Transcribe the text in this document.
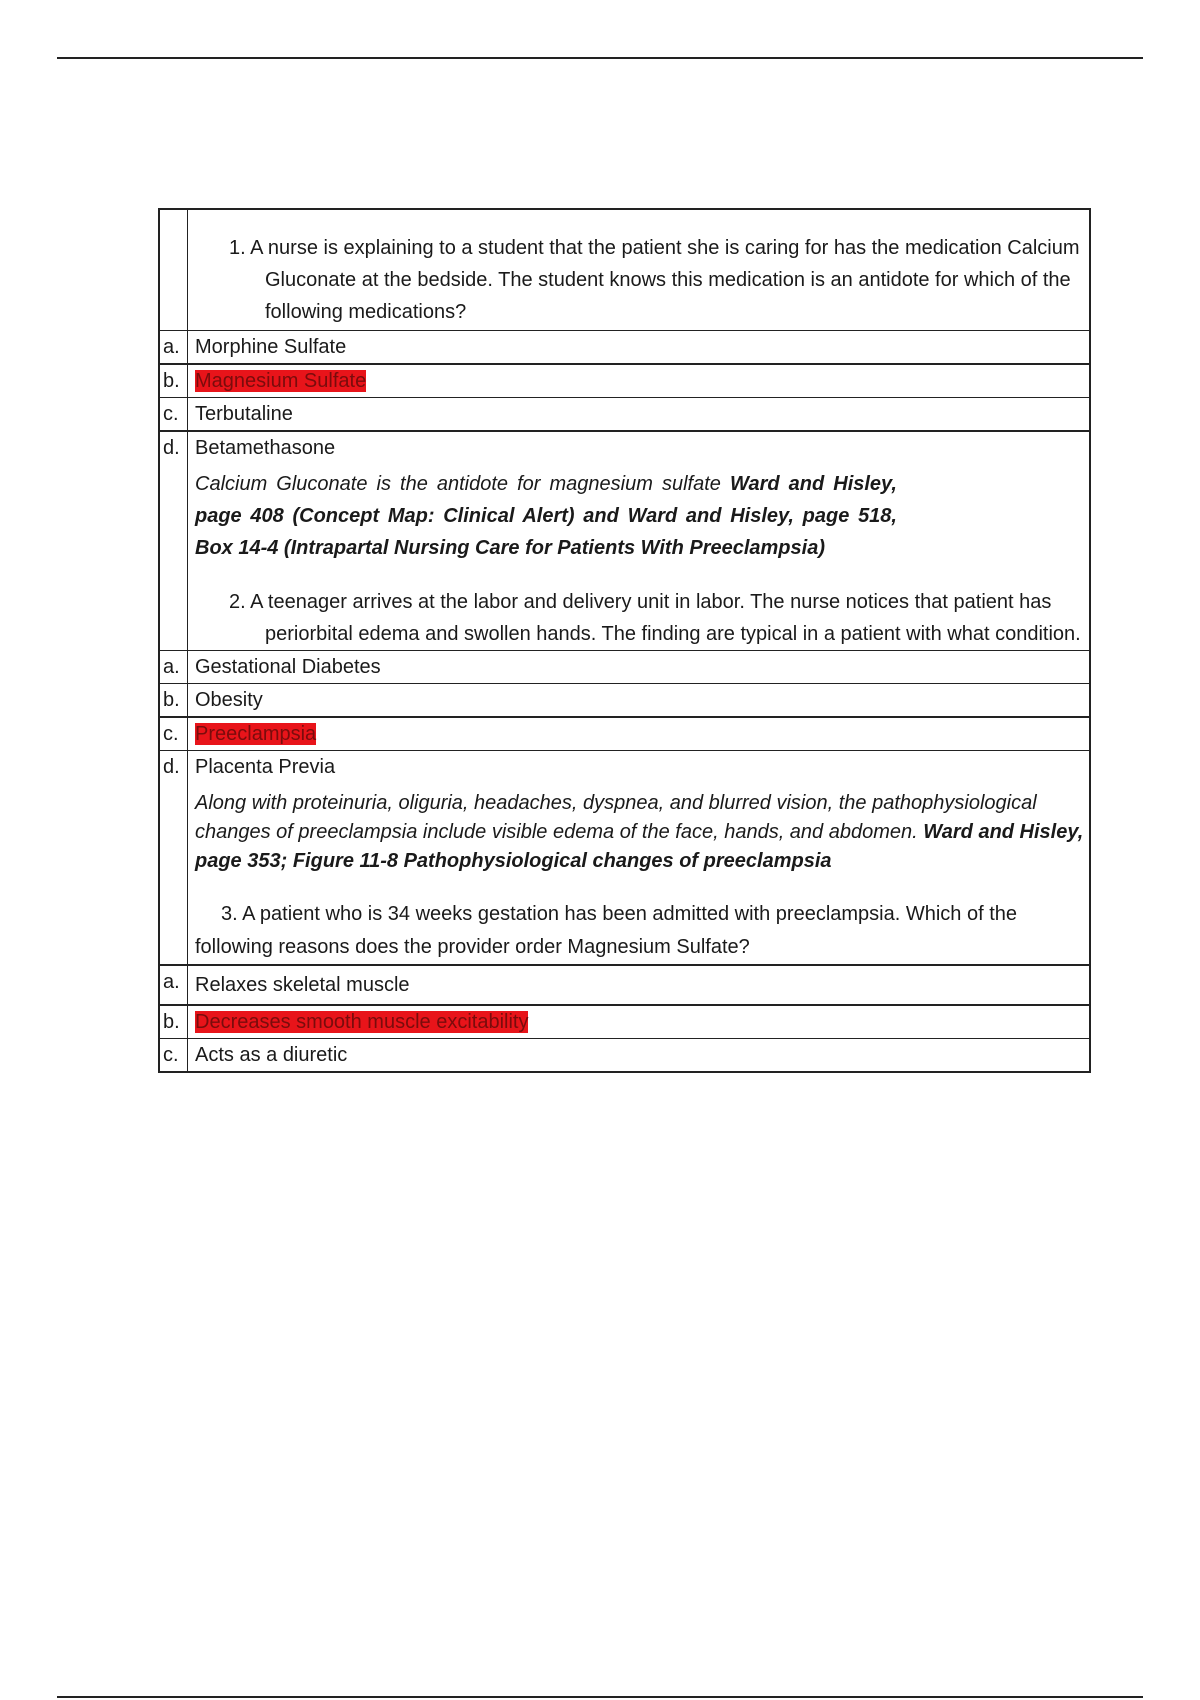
1. A nurse is explaining to a student that the patient she is caring for has the medication Calcium Gluconate at the bedside. The student knows this medication is an antidote for which of the following medications?
a. Morphine Sulfate
b. Magnesium Sulfate
c. Terbutaline
d. Betamethasone
Calcium Gluconate is the antidote for magnesium sulfate Ward and Hisley, page 408 (Concept Map: Clinical Alert) and Ward and Hisley, page 518, Box 14-4 (Intrapartal Nursing Care for Patients With Preeclampsia)
2. A teenager arrives at the labor and delivery unit in labor. The nurse notices that patient has periorbital edema and swollen hands. The finding are typical in a patient with what condition.
a. Gestational Diabetes
b. Obesity
c. Preeclampsia
d. Placenta Previa
Along with proteinuria, oliguria, headaches, dyspnea, and blurred vision, the pathophysiological changes of preeclampsia include visible edema of the face, hands, and abdomen. Ward and Hisley, page 353; Figure 11-8 Pathophysiological changes of preeclampsia
3. A patient who is 34 weeks gestation has been admitted with preeclampsia. Which of the following reasons does the provider order Magnesium Sulfate?
a. Relaxes skeletal muscle
b. Decreases smooth muscle excitability
c. Acts as a diuretic
